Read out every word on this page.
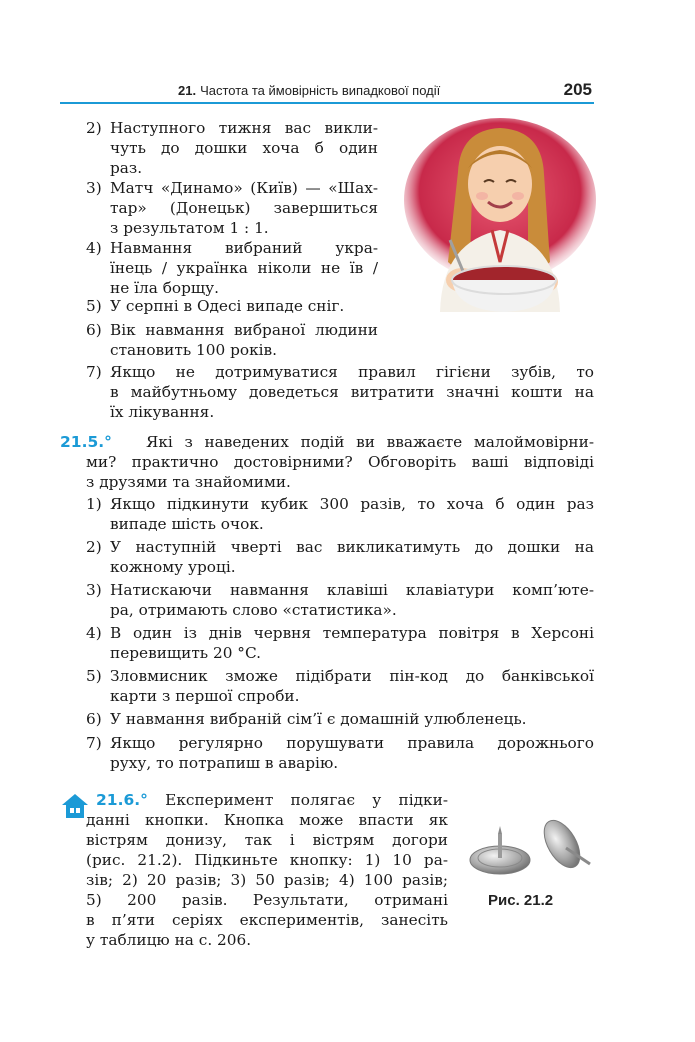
21. Частота та ймовірність випадкової події	205
2) Наступного тижня вас викли-
чуть до дошки хоча б один
раз.
3) Матч «Динамо» (Київ) — «Шах-
тар» (Донецьк) завершиться
з результатом 1 : 1.
4) Навмання вибраний укра-
їнець / українка ніколи не їв /
не їла борщу.
5) У серпні в Одесі випаде сніг.
6) Вік навмання вибраної людини
становить 100 років.
7) Якщо не дотримуватися правил гігієни зубів, то
в майбутньому доведеться витратити значні кошти на
їх лікування.
21.5.°	Які з наведених подій ви вважаєте малоймовірни-
ми? практично достовірними? Обговоріть ваші відповіді
з друзями та знайомими.
1) Якщо підкинути кубик 300 разів, то хоча б один раз
випаде шість очок.
2) У наступній чверті вас викликатимуть до дошки на
кожному уроці.
3) Натискаючи навмання клавіші клавіатури комп’юте-
ра, отримають слово «статистика».
4) В один із днів червня температура повітря в Херсоні
перевищить 20 °C.
5) Зловмисник зможе підібрати пін-код до банківської
карти з першої спроби.
6) У навмання вибраній сім’ї є домашній улюбленець.
7) Якщо регулярно порушувати правила дорожнього
руху, то потрапиш в аварію.
21.6.° Експеримент полягає у підки-
данні кнопки. Кнопка може впасти як
вістрям донизу, так і вістрям догори
(рис. 21.2). Підкиньте кнопку: 1) 10 ра-
зів; 2) 20 разів; 3) 50 разів; 4) 100 разів;
5) 200 разів. Результати, отримані
в п’яти серіях експериментів, занесіть
у таблицю на с. 206.
Рис. 21.2
